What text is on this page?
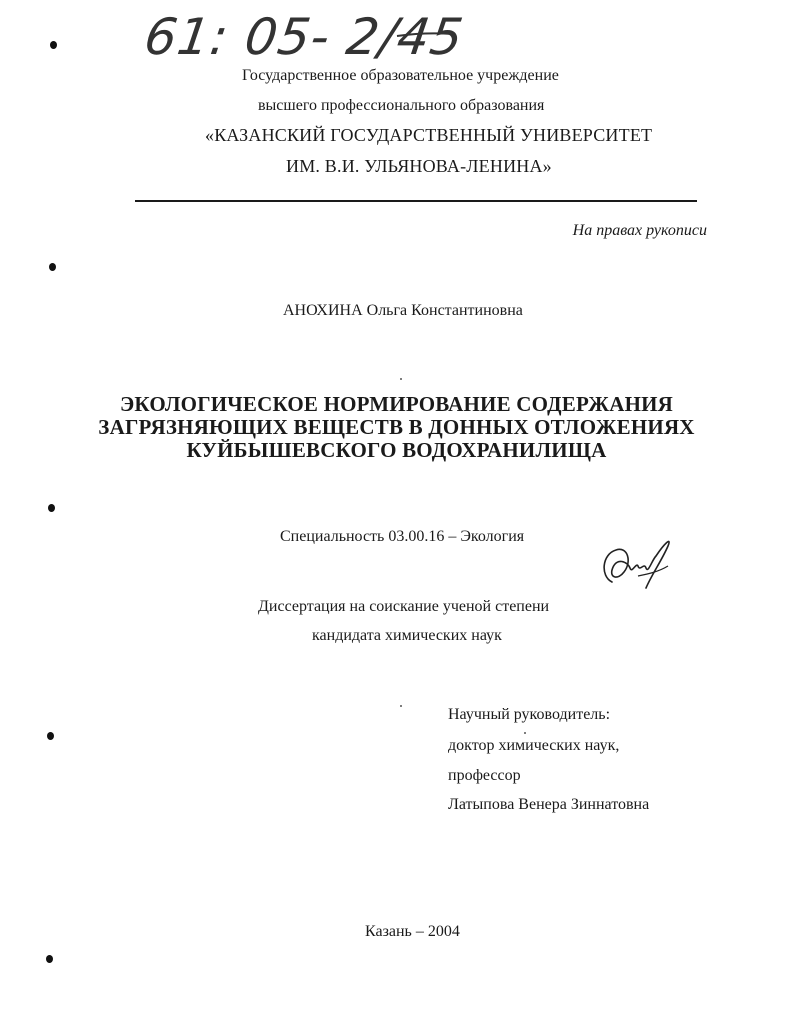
61: 05- 2/45
Государственное образовательное учреждение
высшего профессионального образования
«КАЗАНСКИЙ ГОСУДАРСТВЕННЫЙ УНИВЕРСИТЕТ
ИМ. В.И. УЛЬЯНОВА-ЛЕНИНА»
На правах рукописи
АНОХИНА Ольга Константиновна
ЭКОЛОГИЧЕСКОЕ НОРМИРОВАНИЕ СОДЕРЖАНИЯ
ЗАГРЯЗНЯЮЩИХ ВЕЩЕСТВ В ДОННЫХ ОТЛОЖЕНИЯХ
КУЙБЫШЕВСКОГО ВОДОХРАНИЛИЩА
Специальность 03.00.16 – Экология
Диссертация на соискание ученой степени
кандидата химических наук
Научный руководитель:
доктор химических наук,
профессор
Латыпова Венера Зиннатовна
Казань – 2004
